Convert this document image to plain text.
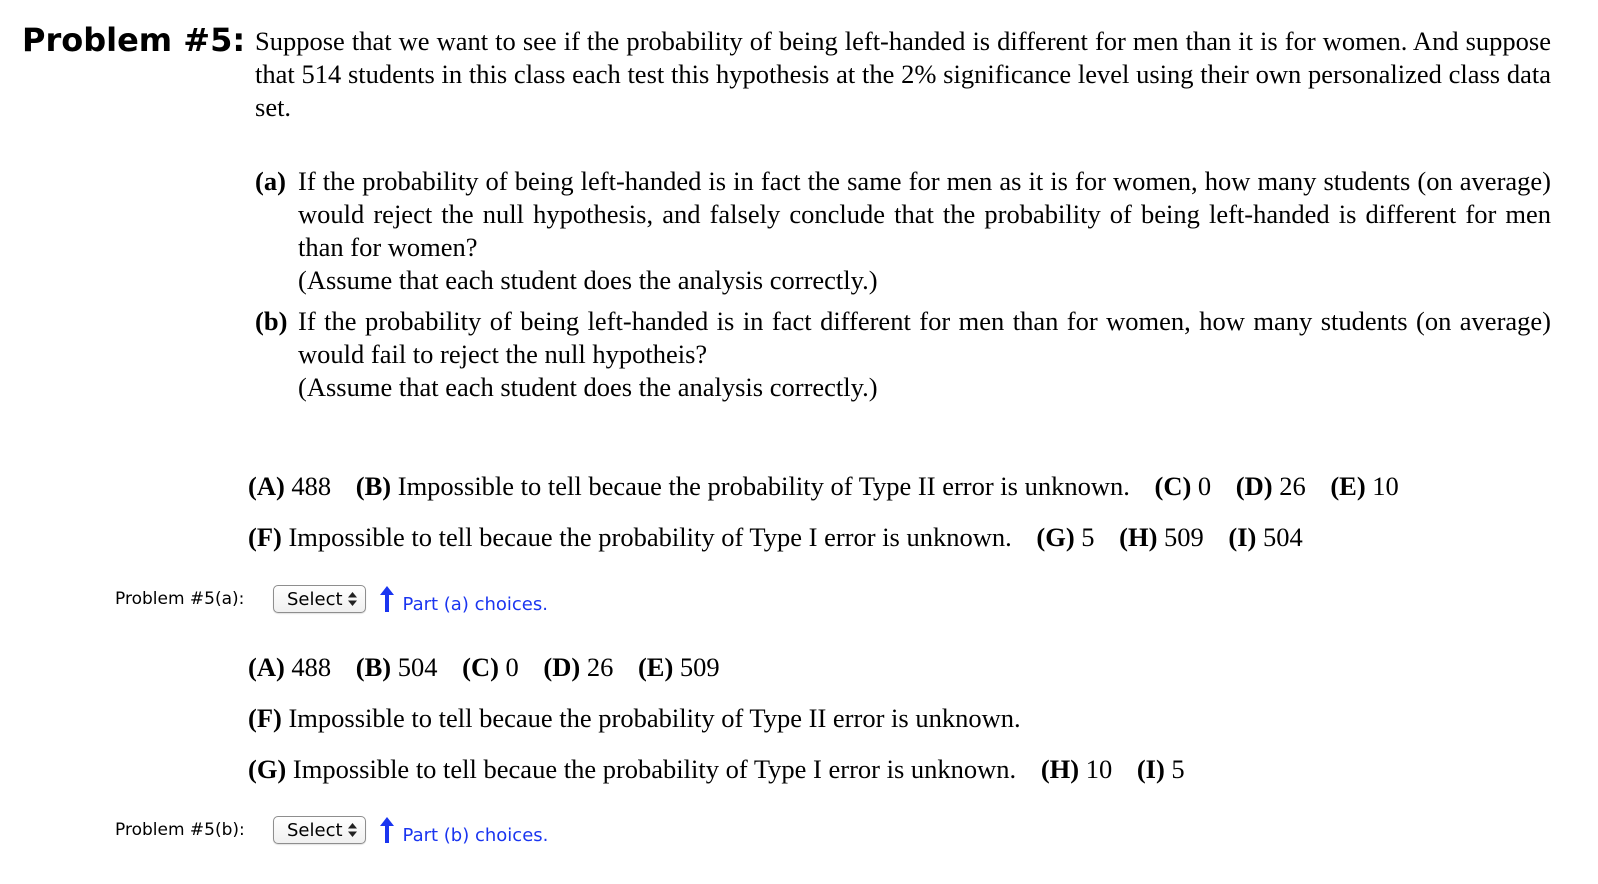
Problem #5: Suppose that we want to see if the probability of being left-handed is different for men than it is for women. And suppose that 514 students in this class each test this hypothesis at the 2% significance level using their own personalized class data set.
(a) If the probability of being left-handed is in fact the same for men as it is for women, how many students (on average) would reject the null hypothesis, and falsely conclude that the probability of being left-handed is different for men than for women?
(Assume that each student does the analysis correctly.)
(b) If the probability of being left-handed is in fact different for men than for women, how many students (on average) would fail to reject the null hypotheis?
(Assume that each student does the analysis correctly.)
(A) 488 (B) Impossible to tell becaue the probability of Type II error is unknown. (C) 0 (D) 26 (E) 10
(F) Impossible to tell becaue the probability of Type I error is unknown. (G) 5 (H) 509 (I) 504
Problem #5(a):	Select	Part (a) choices.
(A) 488 (B) 504 (C) 0 (D) 26 (E) 509
(F) Impossible to tell becaue the probability of Type II error is unknown.
(G) Impossible to tell becaue the probability of Type I error is unknown. (H) 10 (I) 5
Problem #5(b):	Select	Part (b) choices.
